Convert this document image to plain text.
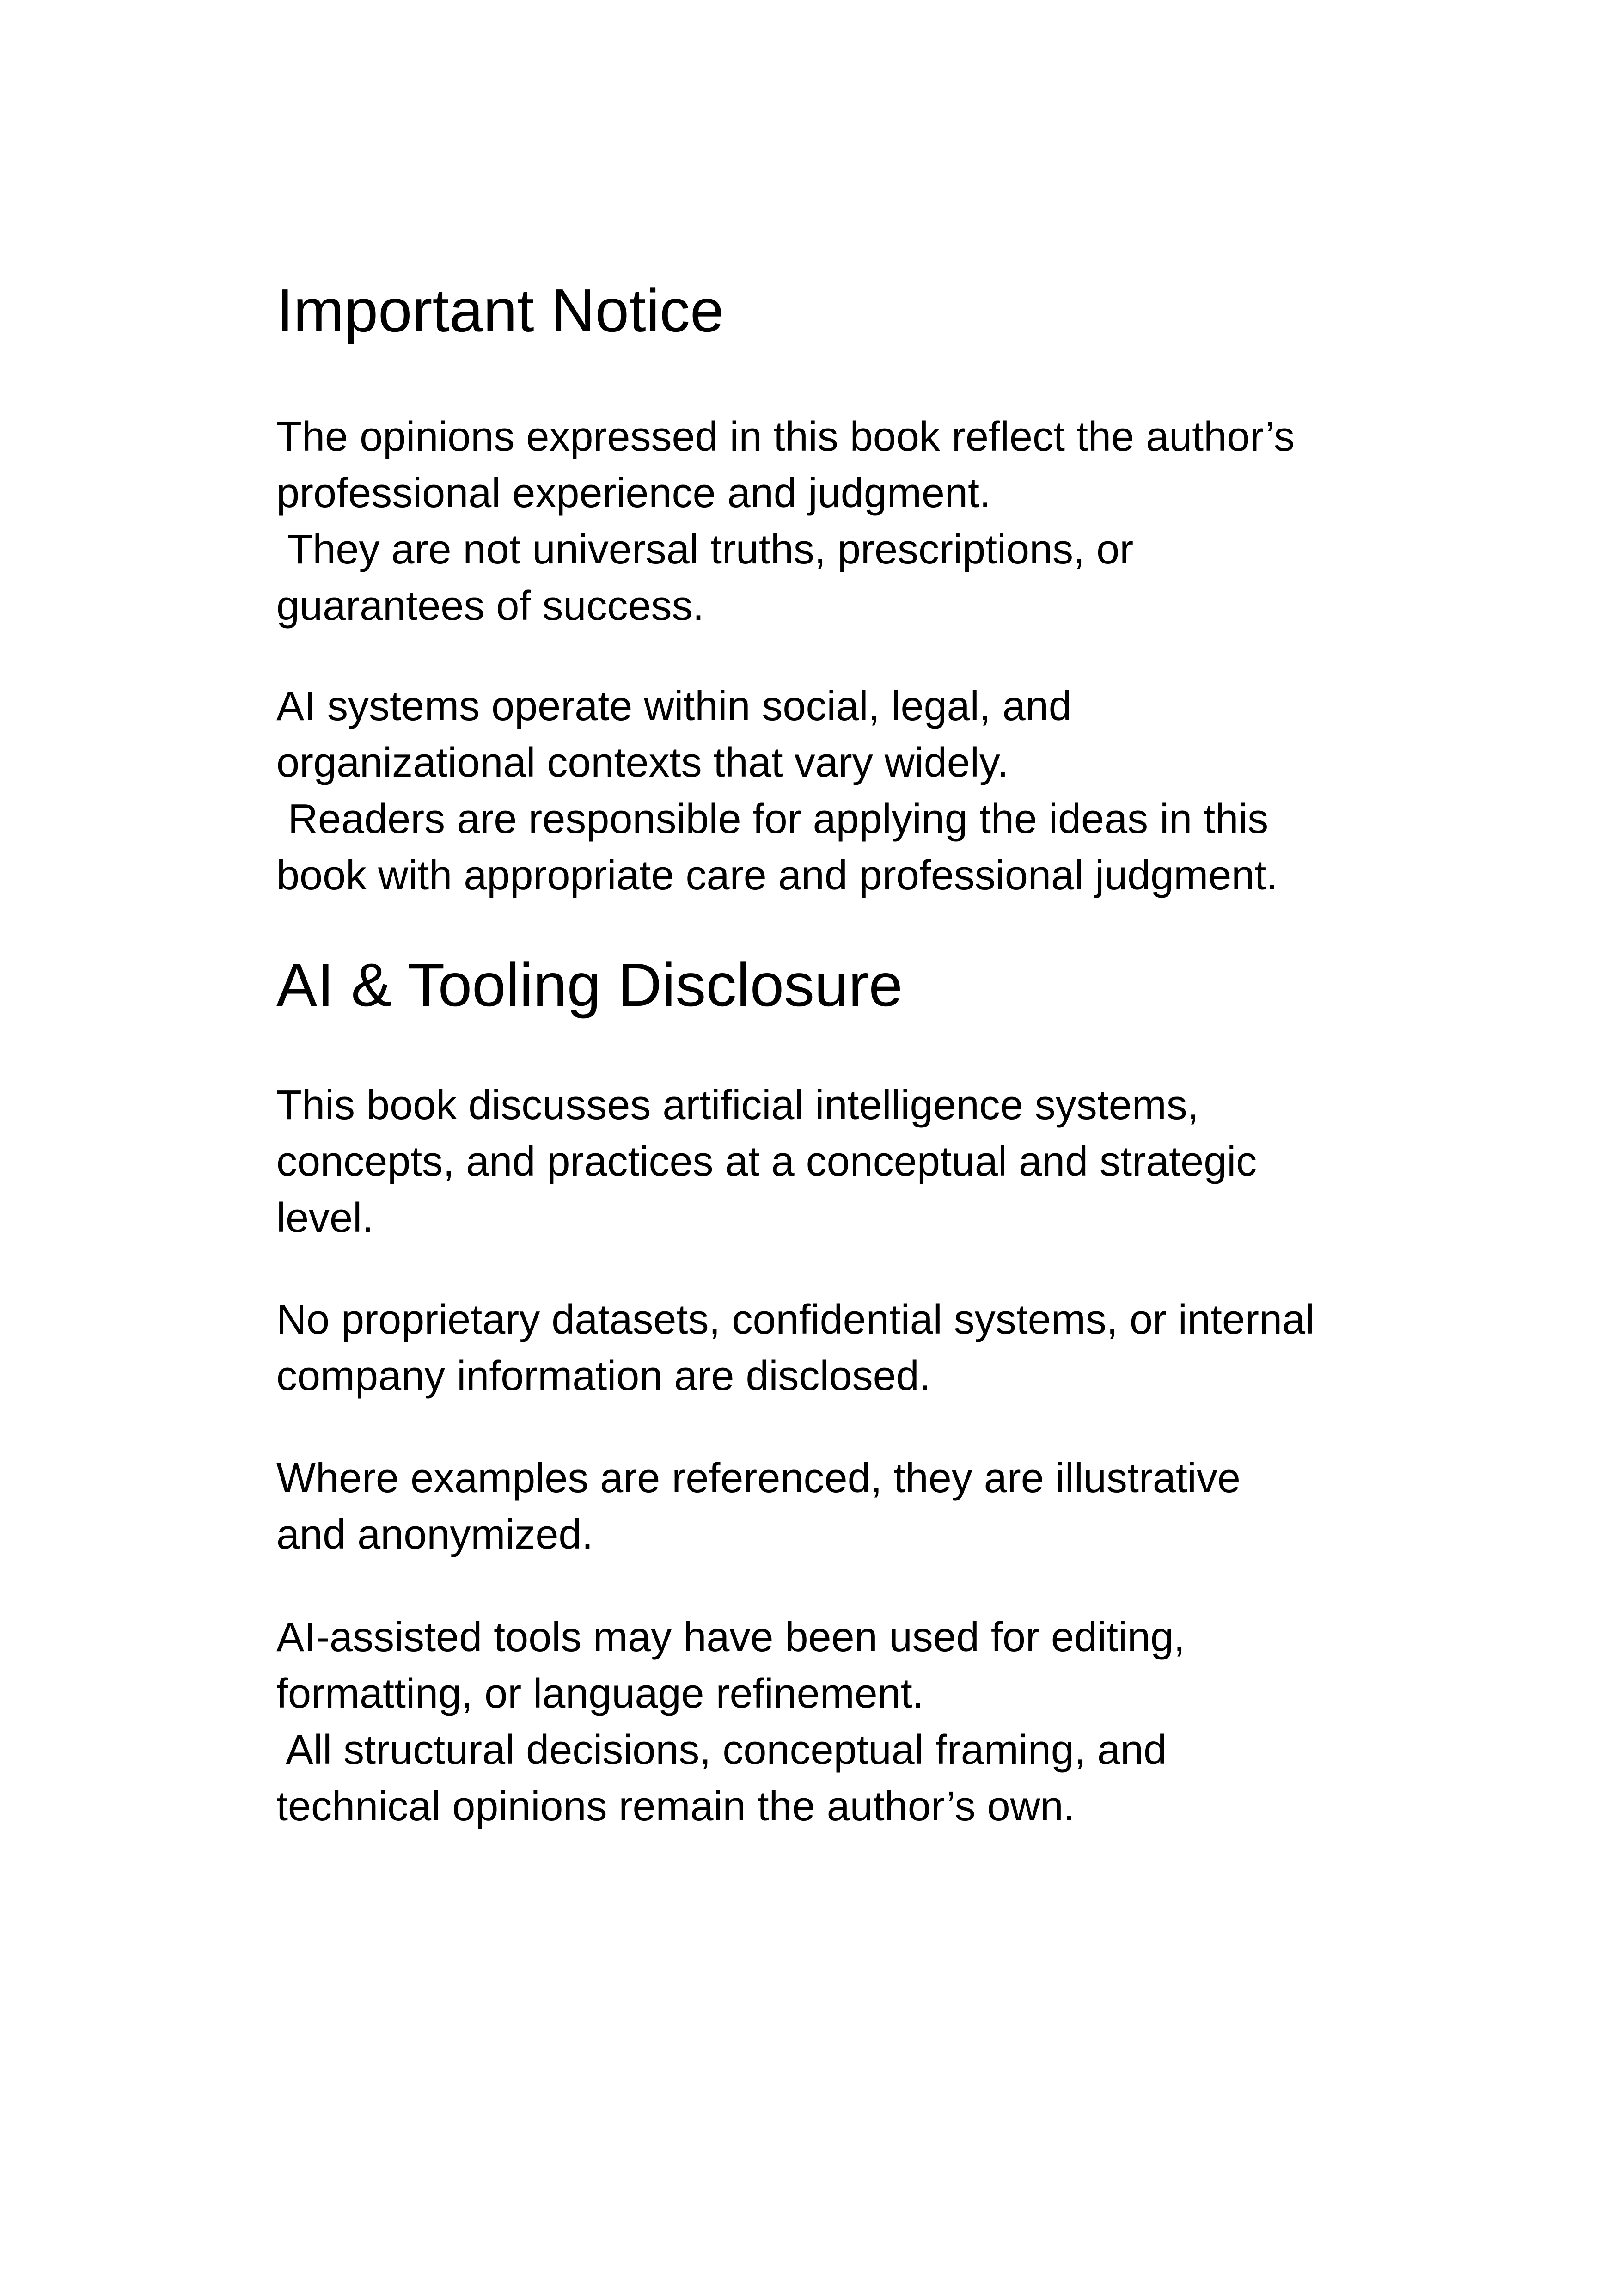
Important Notice

The opinions expressed in this book reflect the author’s
professional experience and judgment.
They are not universal truths, prescriptions, or
guarantees of success.

AI systems operate within social, legal, and
organizational contexts that vary widely.
Readers are responsible for applying the ideas in this
book with appropriate care and professional judgment.

AI & Tooling Disclosure

This book discusses artificial intelligence systems,
concepts, and practices at a conceptual and strategic
level.

No proprietary datasets, confidential systems, or internal
company information are disclosed.

Where examples are referenced, they are illustrative
and anonymized.

AI-assisted tools may have been used for editing,
formatting, or language refinement.
All structural decisions, conceptual framing, and
technical opinions remain the author’s own.
